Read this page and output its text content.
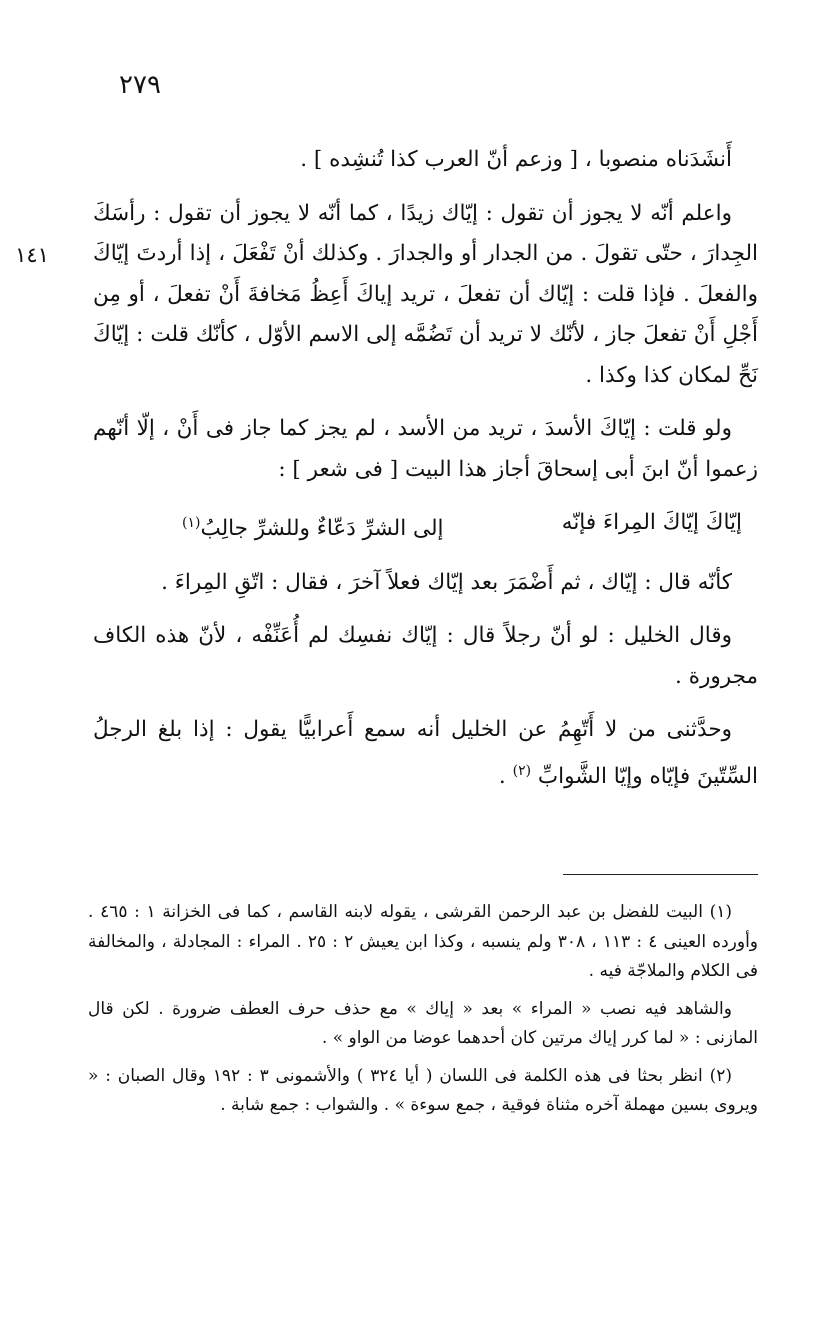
٢٧٩
١٤١

أَنشَدَناه منصوبا ، [ وزعم أنّ العرب كذا تُنشِده ] .

واعلم أنّه لا يجوز أن تقول : إيّاك زيدًا ، كما أنّه لا يجوز أن تقول : رأسَكَ الجِدارَ ، حتّى تقولَ . من الجدار أو والجدارَ . وكذلك أنْ تَفْعَلَ ، إذا أردتَ إيّاكَ والفعلَ . فإذا قلت : إيّاك أن تفعلَ ، تريد إياكَ أَعِظُ مَخافةَ أَنْ تفعلَ ، أو مِن أَجْلِ أَنْ تفعلَ جاز ، لأنّك لا تريد أن تَضُمَّه إلى الاسم الأوّل ، كأنّك قلت : إيّاكَ نَحِّ لمكان كذا وكذا .

ولو قلت : إيّاكَ الأسدَ ، تريد من الأسد ، لم يجز كما جاز فى أَنْ ، إلّا أنّهم زعموا أنّ ابنَ أبى إسحاقَ أجاز هذا البيت [ فى شعر ] :

إيّاكَ إيّاكَ المِراءَ فإنّه
إلى الشرِّ دَعّاءٌ وللشرِّ جالِبُ$^{(١)}$

كأنّه قال : إيّاك ، ثم أَضْمَرَ بعد إيّاك فعلاً آخرَ ، فقال : اتّقِ المِراءَ .

وقال الخليل : لو أنّ رجلاً قال : إيّاك نفسِك لم أُعَنِّفْه ، لأنّ هذه الكاف مجرورة .

وحدَّثنى من لا أَتّهِمُ عن الخليل أنه سمع أَعرابيًّا يقول : إذا بلغ الرجلُ السِّتّينَ فإيّاه وإيّا الشَّوابِّ $^{(٢)}$ .

(١) البيت للفضل بن عبد الرحمن القرشى ، يقوله لابنه القاسم ، كما فى الخزانة ١ : ٤٦٥ . وأورده العينى ٤ : ١١٣ ، ٣٠٨ ولم ينسبه ، وكذا ابن يعيش ٢ : ٢٥ . المراء : المجادلة ، والمخالفة فى الكلام والملاجّة فيه .

والشاهد فيه نصب « المراء » بعد « إياك » مع حذف حرف العطف ضرورة . لكن قال المازنى : « لما كرر إياك مرتين كان أحدهما عوضا من الواو » .

(٢) انظر بحثا فى هذه الكلمة فى اللسان ( أيا ٣٢٤ ) والأشمونى ٣ : ١٩٢ وقال الصبان : « ويروى بسين مهملة آخره مثناة فوقية ، جمع سوءة » . والشواب : جمع شابة .
